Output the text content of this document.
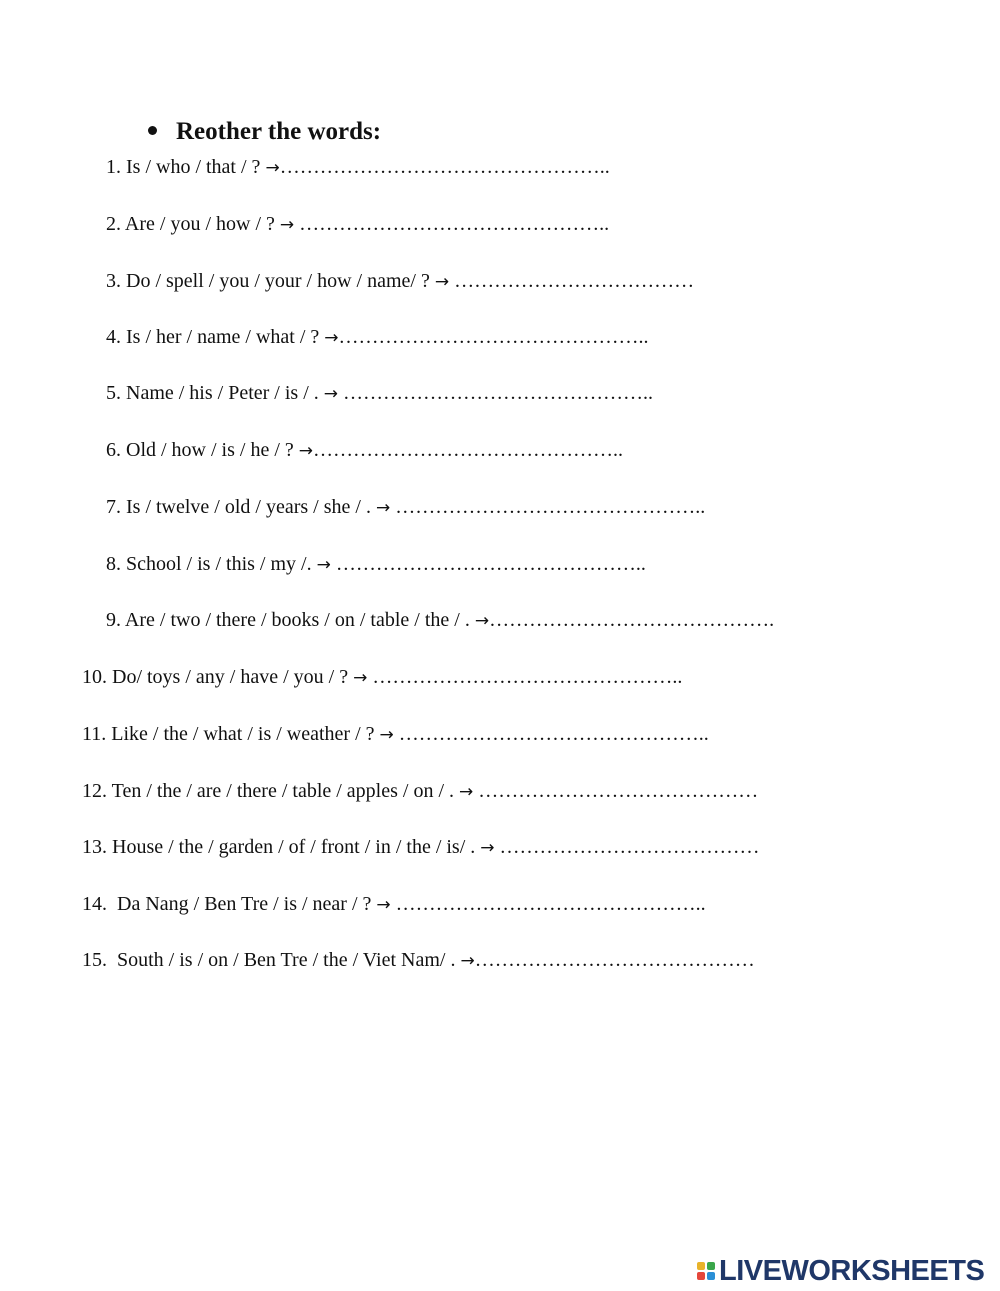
Reother the words:
1. Is / who / that / ? →…………………………………………..
2. Are / you / how / ? → ………………………………………..
3. Do / spell / you / your / how / name/ ? → ………………………………
4. Is / her / name / what / ? →………………………………………..
5. Name / his / Peter / is / . → ………………………………………..
6. Old / how / is / he / ? →………………………………………..
7. Is / twelve / old / years / she / . → ………………………………………..
8. School / is / this / my /. → ………………………………………..
9. Are / two / there / books / on / table / the / . →…………………………………….
10. Do/ toys / any / have / you / ? → ………………………………………..
11. Like / the / what / is / weather / ? → ………………………………………..
12. Ten / the / are / there / table / apples / on / . → ……………………………………
13. House / the / garden / of / front / in / the / is/ . → …………………………………
14. Da Nang / Ben Tre / is / near / ? → ………………………………………..
15. South / is / on / Ben Tre / the / Viet Nam/ . →……………………………………
LIVEWORKSHEETS
